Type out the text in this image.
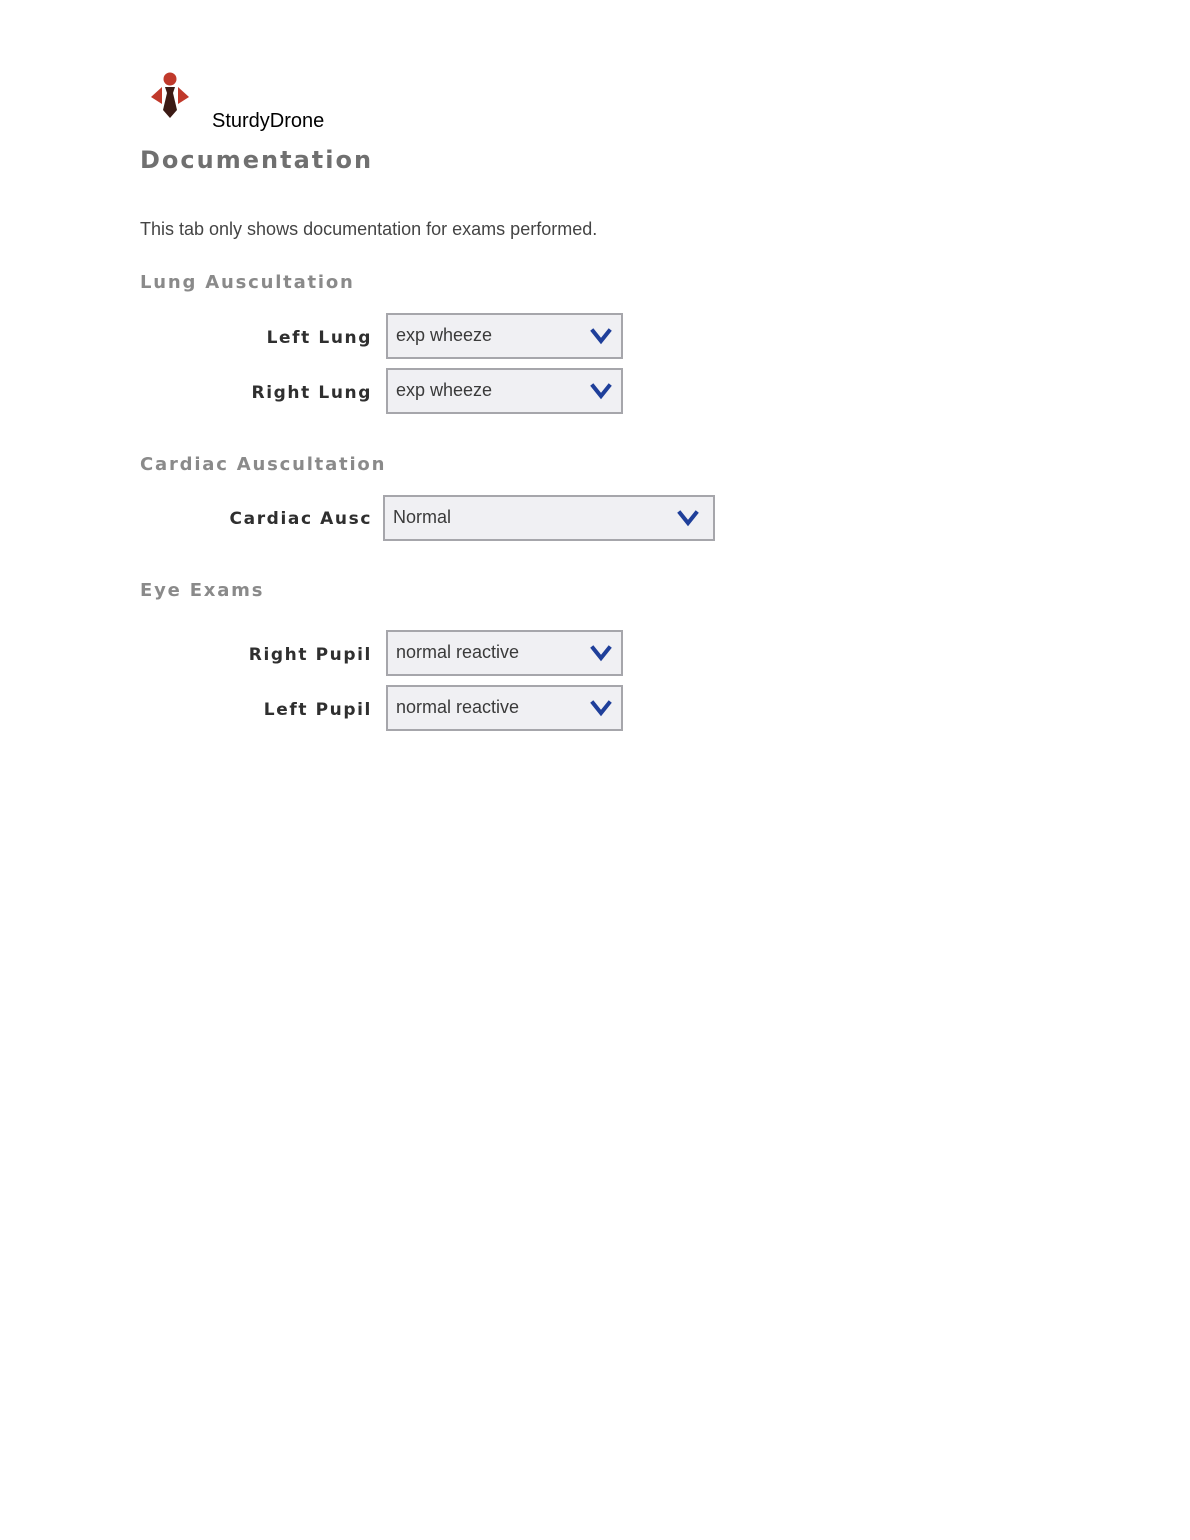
SturdyDrone
Documentation
This tab only shows documentation for exams performed.
Lung Auscultation
Left Lung exp wheeze
Right Lung exp wheeze
Cardiac Auscultation
Cardiac Ausc Normal
Eye Exams
Right Pupil normal reactive
Left Pupil normal reactive
